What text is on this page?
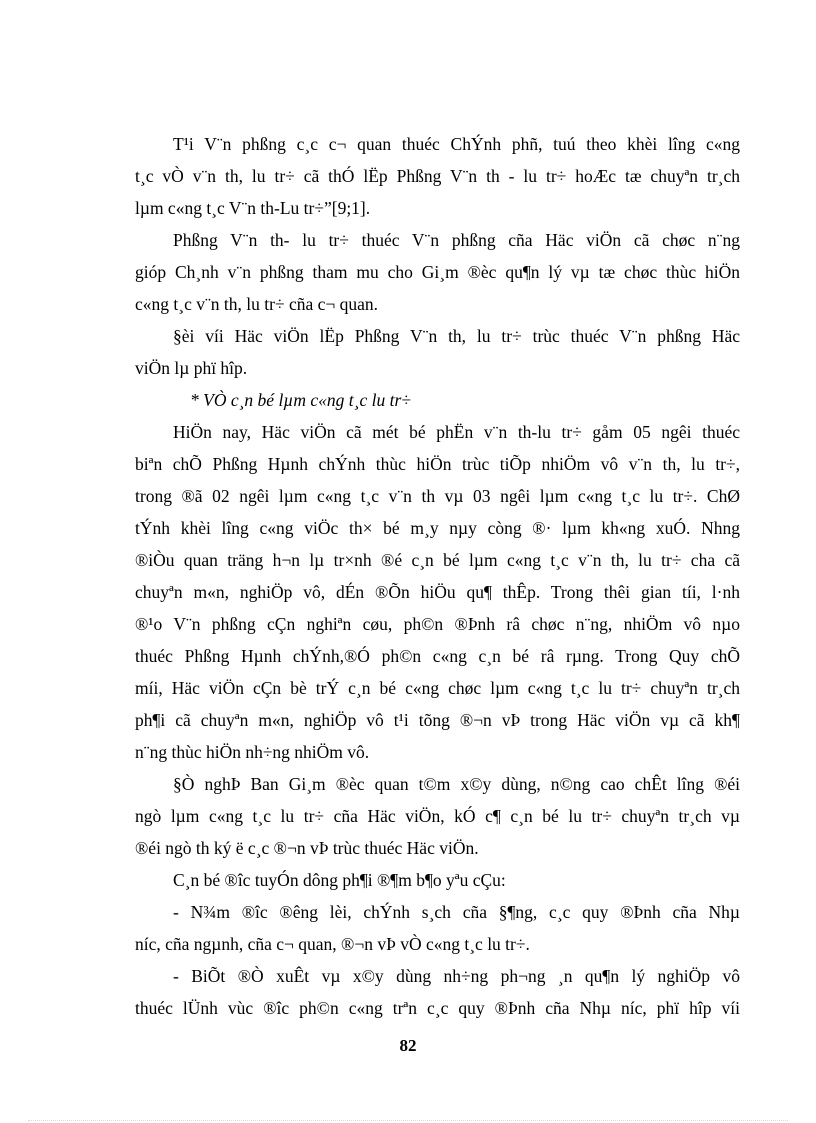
T¹i V¨n phßng c¸c c¬ quan thuéc ChÝnh phñ, tuú theo khèi lîng c«ng
t¸c vÒ v¨n th, lu tr÷ cã thÓ lËp Phßng V¨n th - lu tr÷ hoÆc tæ chuyªn tr¸ch
lµm c«ng t¸c V¨n th-Lu tr÷”[9;1].
Phßng V¨n th- lu tr÷ thuéc V¨n phßng cña Häc viÖn cã chøc n¨ng
gióp Ch¸nh v¨n phßng tham mu cho Gi¸m ®èc qu¶n lý vµ tæ chøc thùc hiÖn
c«ng t¸c v¨n th, lu tr÷ cña c¬ quan.
§èi víi Häc viÖn lËp Phßng V¨n th, lu tr÷ trùc thuéc V¨n phßng Häc
viÖn lµ phï hîp.
* VÒ c¸n bé lµm c«ng t¸c lu tr÷
HiÖn nay, Häc viÖn cã mét bé phËn v¨n th-lu tr÷ gåm 05 ngêi thuéc
biªn chÕ Phßng Hµnh chÝnh thùc hiÖn trùc tiÕp nhiÖm vô v¨n th, lu tr÷,
trong ®ã 02 ngêi lµm c«ng t¸c v¨n th vµ 03 ngêi lµm c«ng t¸c lu tr÷. ChØ
tÝnh khèi lîng c«ng viÖc th× bé m¸y nµy còng ®· lµm kh«ng xuÓ. Nhng
®iÒu quan träng h¬n lµ tr×nh ®é c¸n bé lµm c«ng t¸c v¨n th, lu tr÷ cha cã
chuyªn m«n, nghiÖp vô, dÉn ®Õn hiÖu qu¶ thÊp. Trong thêi gian tíi, l·nh
®¹o V¨n phßng cÇn nghiªn cøu, ph©n ®Þnh râ chøc n¨ng, nhiÖm vô nµo
thuéc Phßng Hµnh chÝnh,®Ó ph©n c«ng c¸n bé râ rµng. Trong Quy chÕ
míi, Häc viÖn cÇn bè trÝ c¸n bé c«ng chøc lµm c«ng t¸c lu tr÷ chuyªn tr¸ch
ph¶i cã chuyªn m«n, nghiÖp vô t¹i tõng ®¬n vÞ trong Häc viÖn vµ cã kh¶
n¨ng thùc hiÖn nh÷ng nhiÖm vô.
§Ò nghÞ Ban Gi¸m ®èc quan t©m x©y dùng, n©ng cao chÊt lîng ®éi
ngò lµm c«ng t¸c lu tr÷ cña Häc viÖn, kÓ c¶ c¸n bé lu tr÷ chuyªn tr¸ch vµ
®éi ngò th ký ë c¸c ®¬n vÞ trùc thuéc Häc viÖn.
C¸n bé ®îc tuyÓn dông ph¶i ®¶m b¶o yªu cÇu:
- N¾m ®îc ®êng lèi, chÝnh s¸ch cña §¶ng, c¸c quy ®Þnh cña Nhµ
níc, cña ngµnh, cña c¬ quan, ®¬n vÞ vÒ c«ng t¸c lu tr÷.
- BiÕt ®Ò xuÊt vµ x©y dùng nh÷ng ph¬ng ¸n qu¶n lý nghiÖp vô
thuéc lÜnh vùc ®îc ph©n c«ng trªn c¸c quy ®Þnh cña Nhµ níc, phï hîp víi
82
